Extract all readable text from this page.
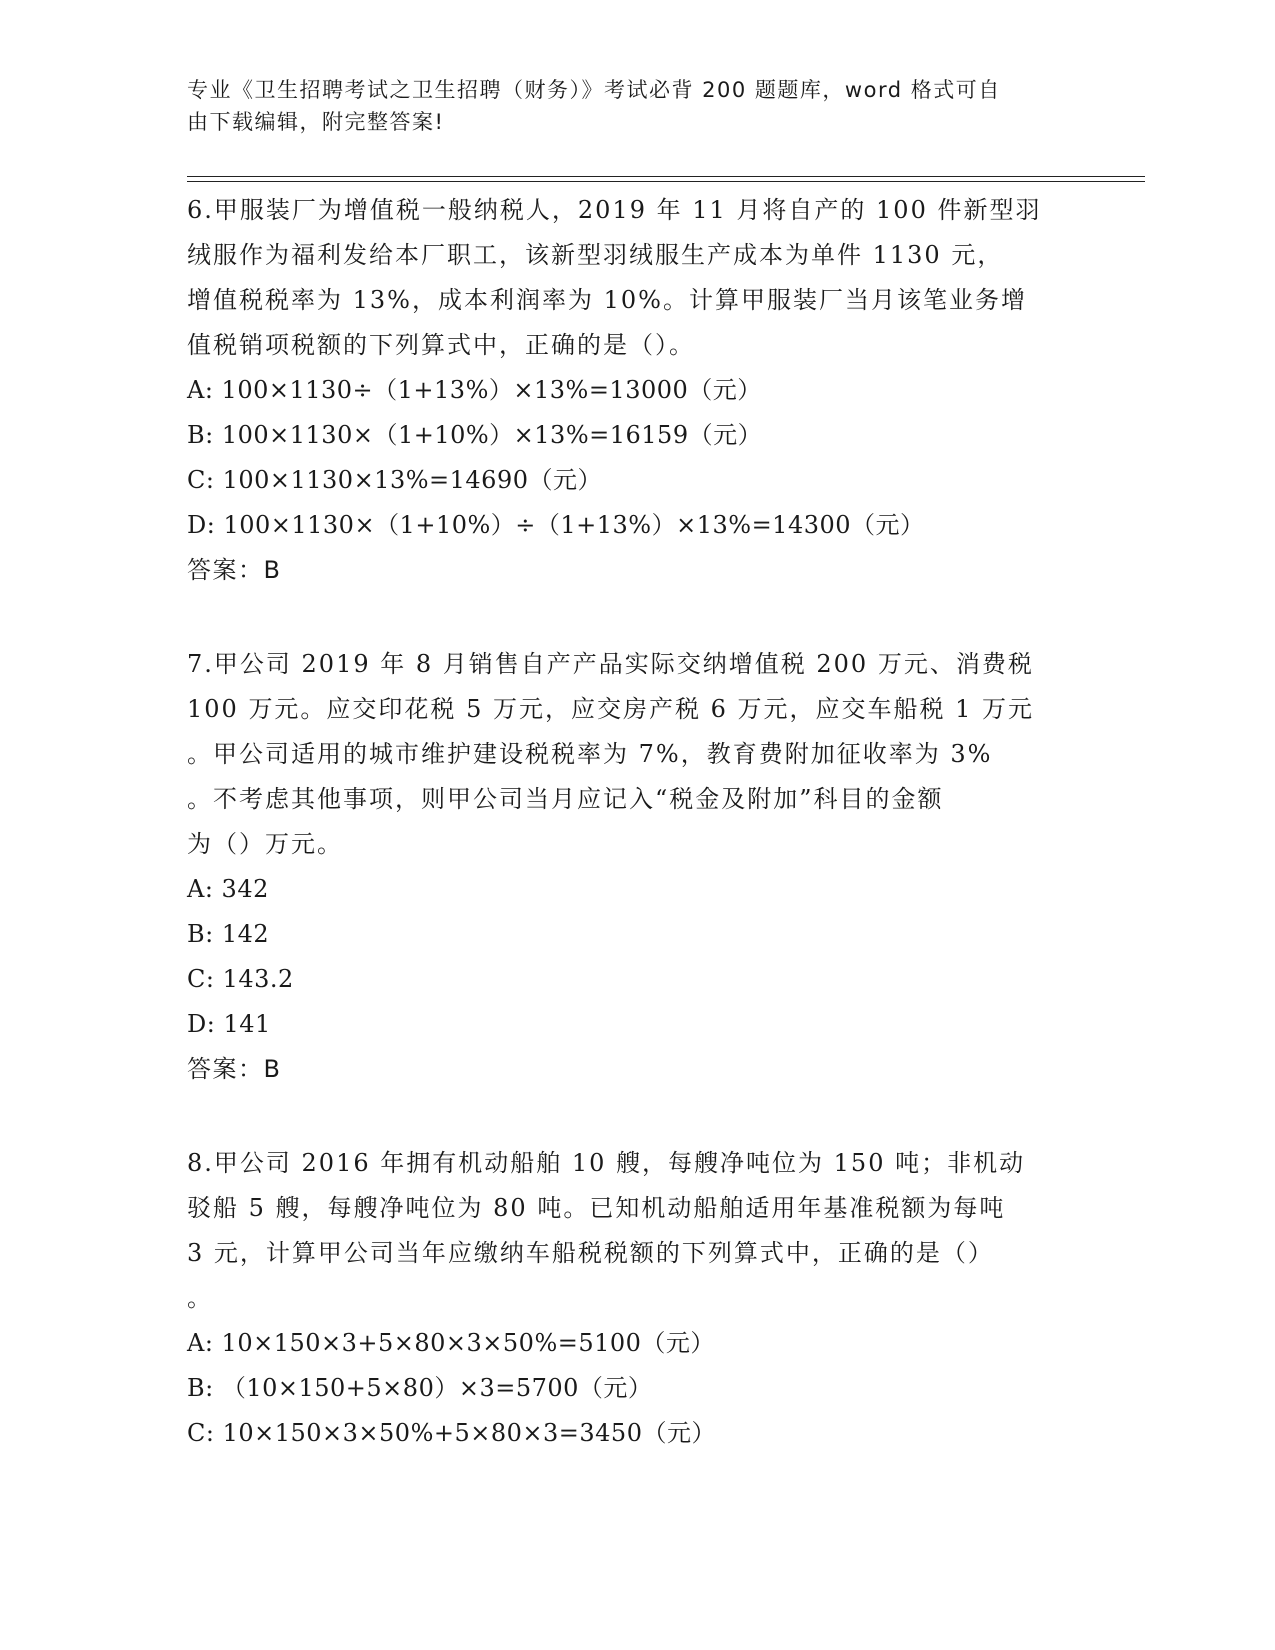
专业《卫生招聘考试之卫生招聘（财务）》考试必背 200 题题库，word 格式可自
由下载编辑，附完整答案!

6.甲服装厂为增值税一般纳税人，2019 年 11 月将自产的 100 件新型羽

绒服作为福利发给本厂职工，该新型羽绒服生产成本为单件 1130 元，

增值税税率为 13%，成本利润率为 10%。计算甲服装厂当月该笔业务增

值税销项税额的下列算式中，正确的是（）。

A: 100×1130÷（1+13%）×13%=13000（元）

B: 100×1130×（1+10%）×13%=16159（元）

C: 100×1130×13%=14690（元）

D: 100×1130×（1+10%）÷（1+13%）×13%=14300（元）

答案：B

7.甲公司 2019 年 8 月销售自产产品实际交纳增值税 200 万元、消费税

100 万元。应交印花税 5 万元，应交房产税 6 万元，应交车船税 1 万元

。甲公司适用的城市维护建设税税率为 7%，教育费附加征收率为 3%

。不考虑其他事项，则甲公司当月应记入“税金及附加”科目的金额

为（）万元。

A: 342

B: 142

C: 143.2

D: 141

答案：B

8.甲公司 2016 年拥有机动船舶 10 艘，每艘净吨位为 150 吨；非机动

驳船 5 艘，每艘净吨位为 80 吨。已知机动船舶适用年基准税额为每吨

3 元，计算甲公司当年应缴纳车船税税额的下列算式中，正确的是（）

。

A: 10×150×3+5×80×3×50%=5100（元）

B: （10×150+5×80）×3=5700（元）

C: 10×150×3×50%+5×80×3=3450（元）
